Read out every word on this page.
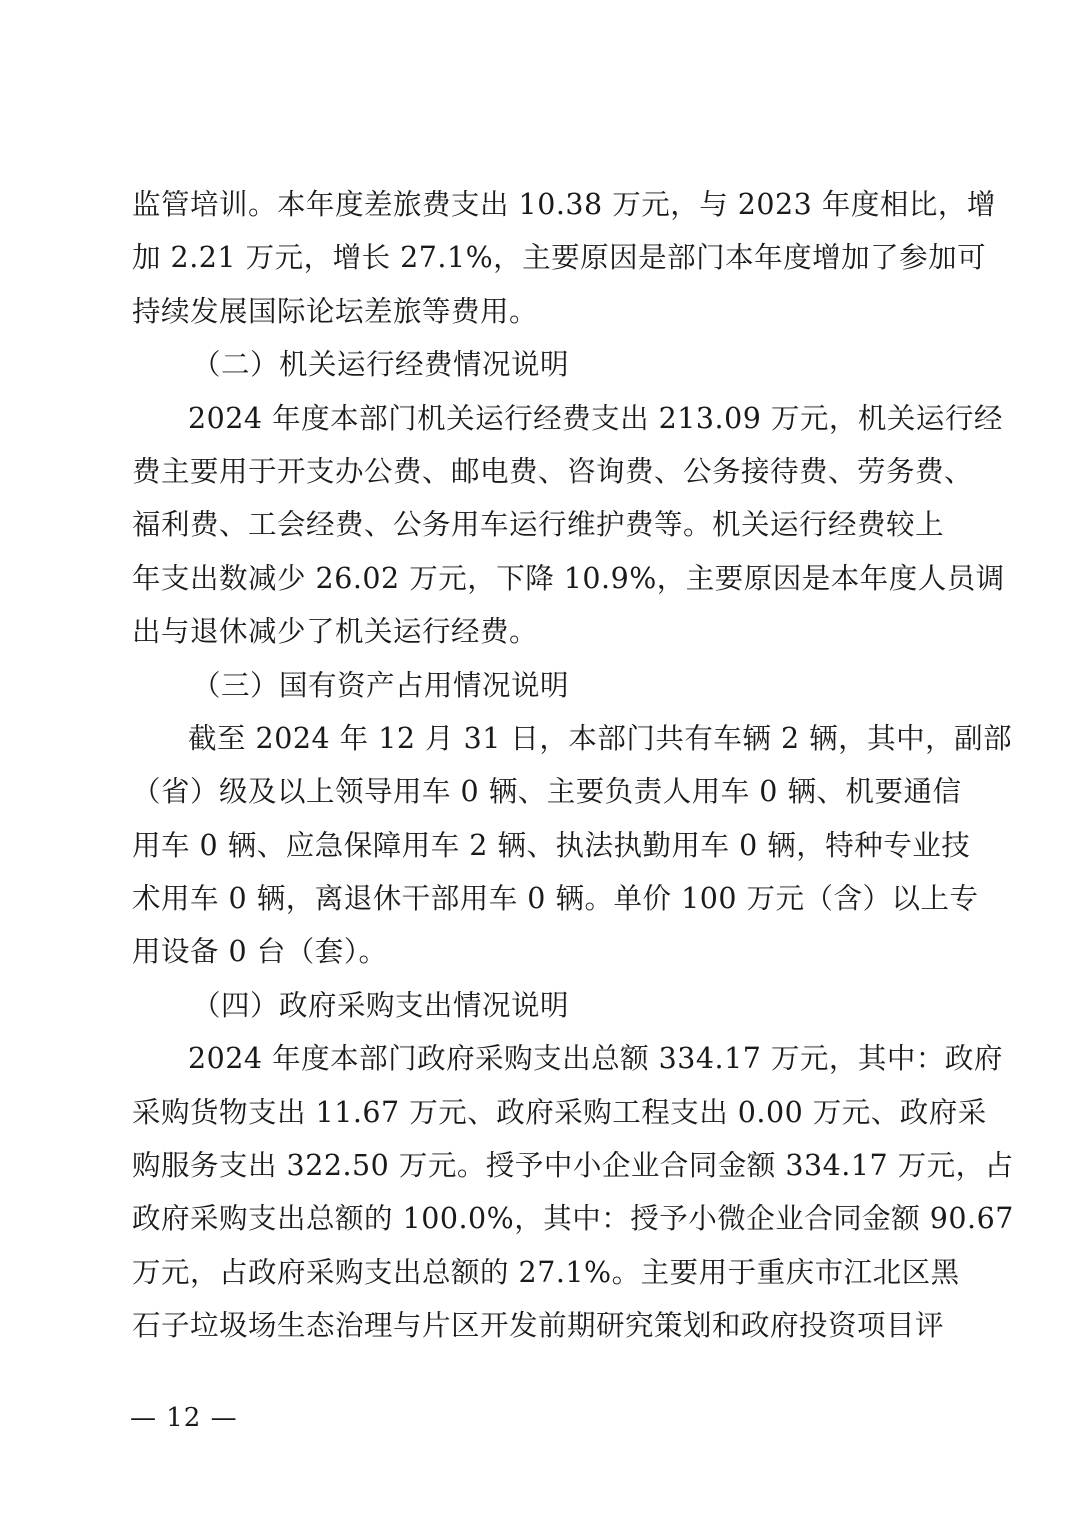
监管培训。本年度差旅费支出 10.38 万元，与 2023 年度相比，增
加 2.21 万元，增长 27.1%，主要原因是部门本年度增加了参加可
持续发展国际论坛差旅等费用。
（二）机关运行经费情况说明
2024 年度本部门机关运行经费支出 213.09 万元，机关运行经
费主要用于开支办公费、邮电费、咨询费、公务接待费、劳务费、
福利费、工会经费、公务用车运行维护费等。机关运行经费较上
年支出数减少 26.02 万元，下降 10.9%，主要原因是本年度人员调
出与退休减少了机关运行经费。
（三）国有资产占用情况说明
截至 2024 年 12 月 31 日，本部门共有车辆 2 辆，其中，副部
（省）级及以上领导用车 0 辆、主要负责人用车 0 辆、机要通信
用车 0 辆、应急保障用车 2 辆、执法执勤用车 0 辆，特种专业技
术用车 0 辆，离退休干部用车 0 辆。单价 100 万元（含）以上专
用设备 0 台（套）。
（四）政府采购支出情况说明
2024 年度本部门政府采购支出总额 334.17 万元，其中：政府
采购货物支出 11.67 万元、政府采购工程支出 0.00 万元、政府采
购服务支出 322.50 万元。授予中小企业合同金额 334.17 万元，占
政府采购支出总额的 100.0%，其中：授予小微企业合同金额 90.67
万元，占政府采购支出总额的 27.1%。主要用于重庆市江北区黑
石子垃圾场生态治理与片区开发前期研究策划和政府投资项目评
— 12 —
